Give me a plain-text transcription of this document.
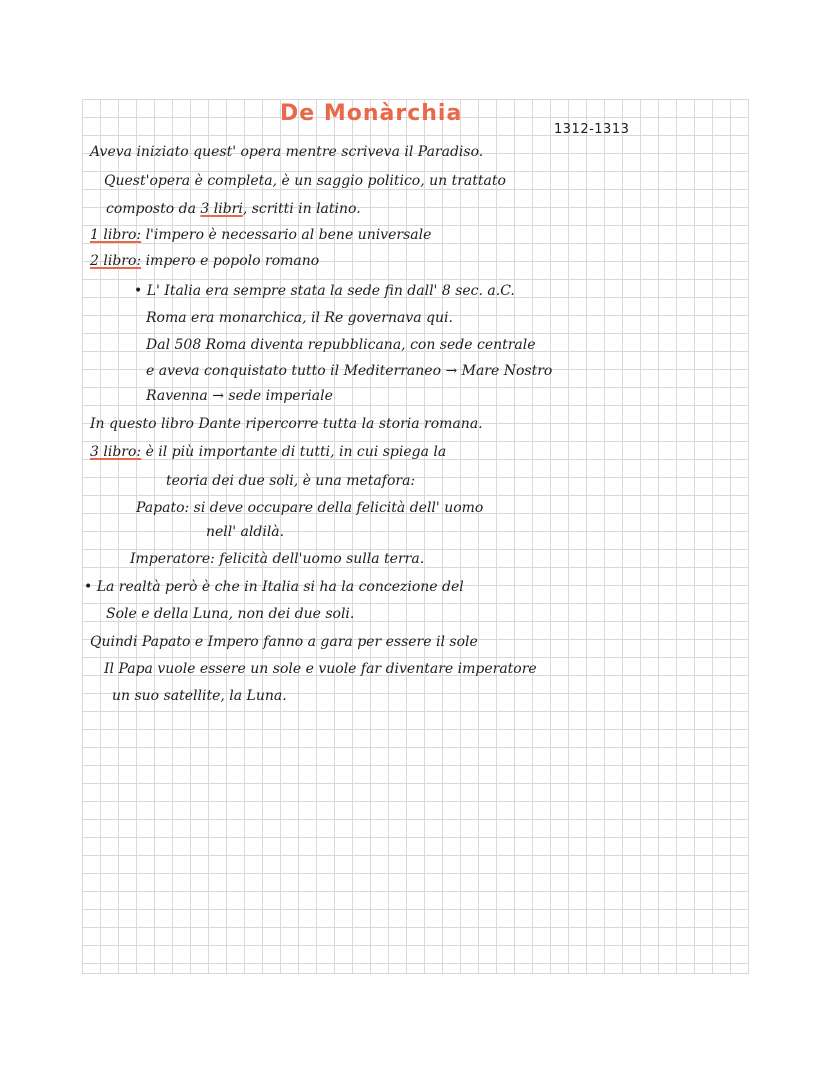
De Monàrchia
1312-1313
Aveva iniziato quest' opera mentre scriveva il Paradiso.
Quest'opera è completa, è un saggio politico, un trattato
composto da 3 libri, scritti in latino.
1 libro: l'impero è necessario al bene universale
2 libro: impero e popolo romano
• L' Italia era sempre stata la sede fin dall' 8 sec. a.C.
Roma era monarchica, il Re governava qui.
Dal 508 Roma diventa repubblicana, con sede centrale
e aveva conquistato tutto il Mediterraneo → Mare Nostro
Ravenna → sede imperiale
In questo libro Dante ripercorre tutta la storia romana.
3 libro: è il più importante di tutti, in cui spiega la
teoria dei due soli, è una metafora:
Papato: si deve occupare della felicità dell' uomo
nell' aldilà.
Imperatore: felicità dell'uomo sulla terra.
• La realtà però è che in Italia si ha la concezione del
Sole e della Luna, non dei due soli.
Quindi Papato e Impero fanno a gara per essere il sole
Il Papa vuole essere un sole e vuole far diventare imperatore
un suo satellite, la Luna.
